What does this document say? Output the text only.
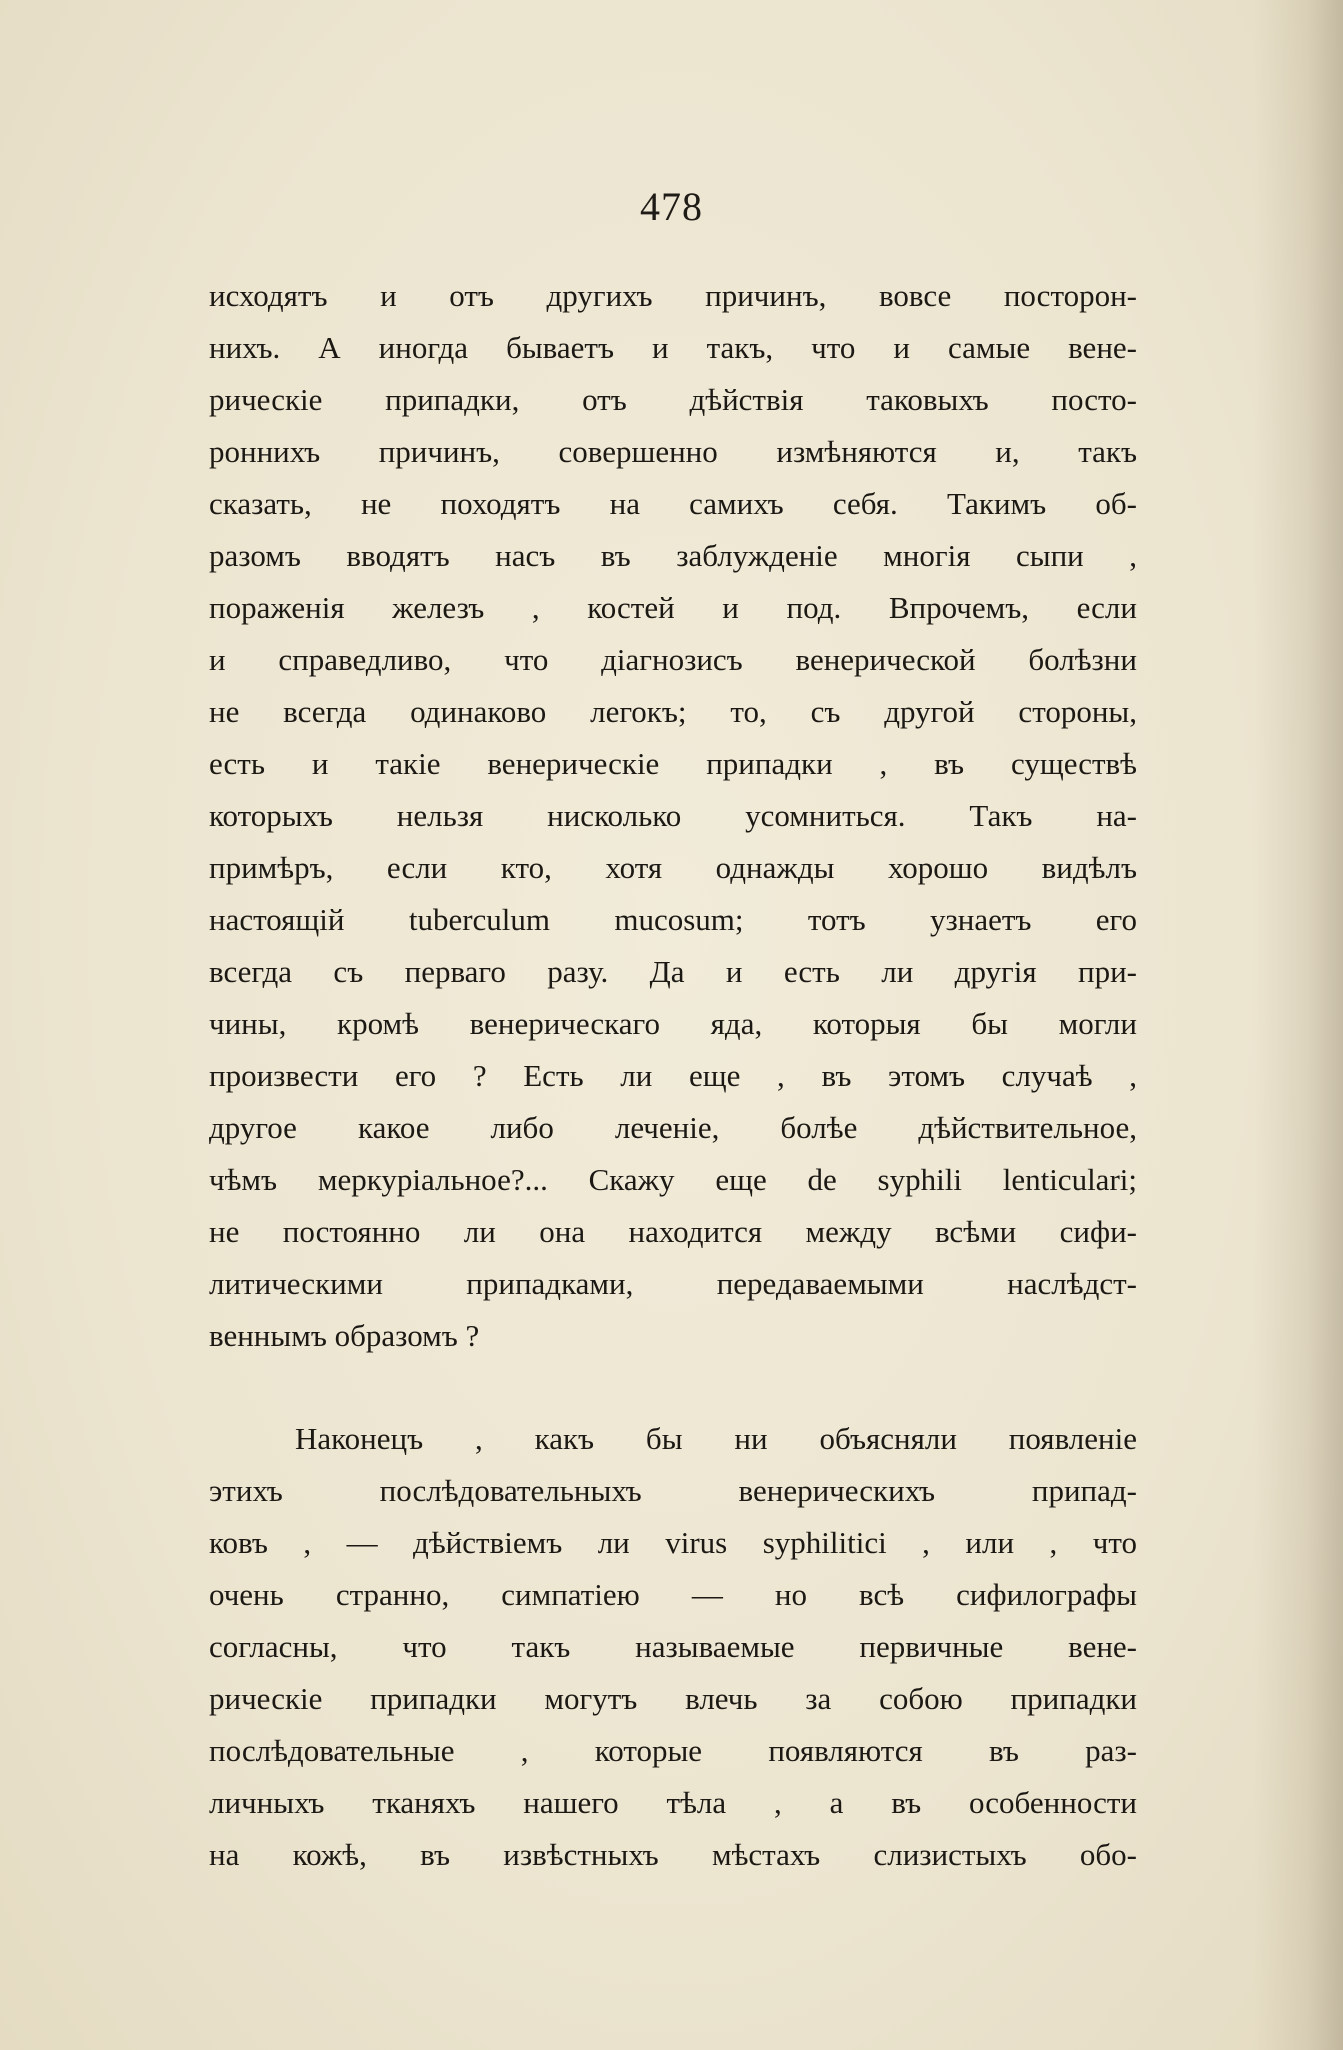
478
исходятъ и отъ другихъ причинъ, вовсе посторон-
нихъ. А иногда бываетъ и такъ, что и самые вене-
рическіе припадки, отъ дѣйствія таковыхъ посто-
роннихъ причинъ, совершенно измѣняются и, такъ
сказать, не походятъ на самихъ себя. Такимъ об-
разомъ вводятъ насъ въ заблужденіе многія сыпи ,
пораженія железъ , костей и под. Впрочемъ, если
и справедливо, что діагнозисъ венерической болѣзни
не всегда одинаково легокъ; то, съ другой стороны,
есть и такіе венерическіе припадки , въ существѣ
которыхъ нельзя нисколько усомниться. Такъ на-
примѣръ, если кто, хотя однажды хорошо видѣлъ
настоящій tuberculum mucosum; тотъ узнаетъ его
всегда съ перваго разу. Да и есть ли другія при-
чины, кромѣ венерическаго яда, которыя бы могли
произвести его ? Есть ли еще , въ этомъ случаѣ ,
другое какое либо леченіе, болѣе дѣйствительное,
чѣмъ меркуріальное?... Скажу еще de syphili lenticulari;
не постоянно ли она находится между всѣми сифи-
литическими припадками, передаваемыми наслѣдст-
веннымъ образомъ ?
Наконецъ , какъ бы ни объясняли появленіе
этихъ послѣдовательныхъ венерическихъ припад-
ковъ , — дѣйствіемъ ли virus syphilitici , или , что
очень странно, симпатіею — но всѣ сифилографы
согласны, что такъ называемые первичные вене-
рическіе припадки могутъ влечь за собою припадки
послѣдовательные , которые появляются въ раз-
личныхъ тканяхъ нашего тѣла , а въ особенности
на кожѣ, въ извѣстныхъ мѣстахъ слизистыхъ обо-
